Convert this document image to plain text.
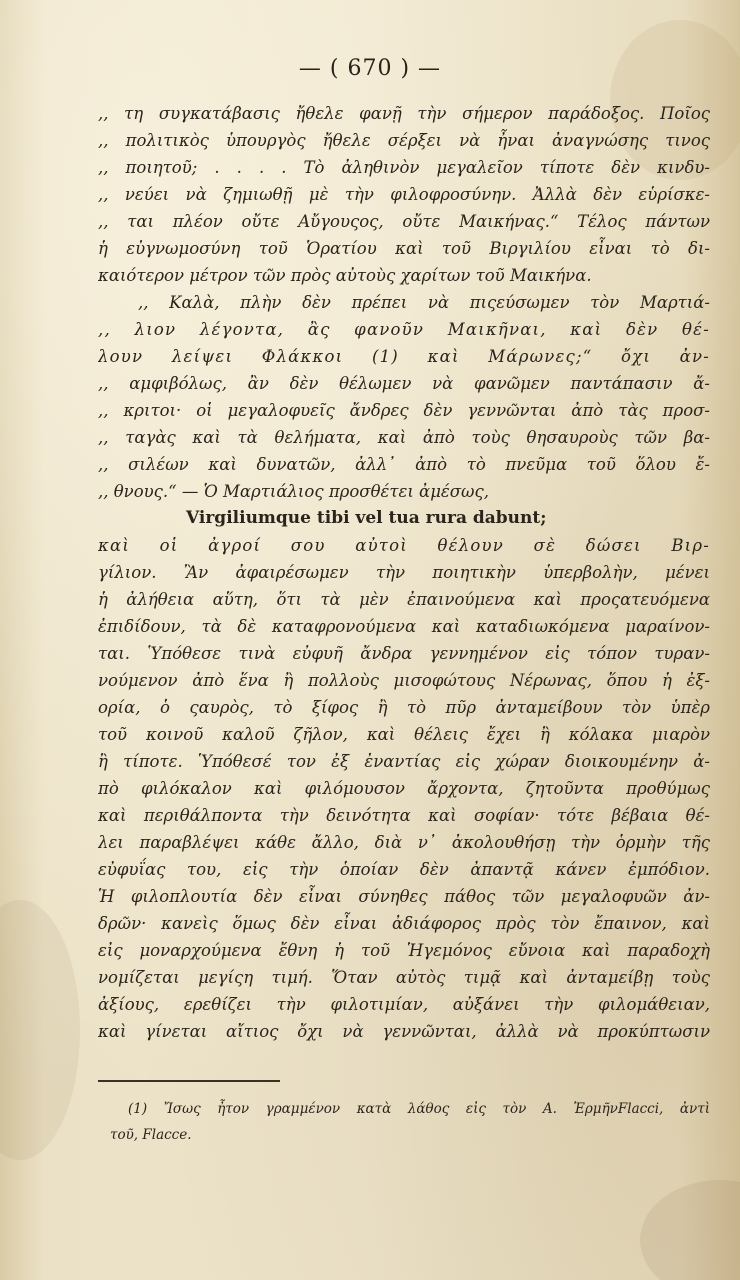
— ( 670 ) —
,, τη συγκατάβασις ἤθελε φανῇ τὴν σήμερον παράδοξος. Ποῖος
,, πολιτικὸς ὑπουργὸς ἤθελε σέρξει νὰ ἦναι ἀναγνώσης τινος
,, ποιητοῦ; . . . . Τὸ ἀληθινὸν μεγαλεῖον τίποτε δὲν κινδυ-
,, νεύει νὰ ζημιωθῇ μὲ τὴν φιλοφροσύνην. Ἀλλὰ δὲν εὑρίσκε-
,, ται πλέον οὔτε Αὔγουςος, οὔτε Μαικήνας.“ Τέλος πάντων
ἡ εὐγνωμοσύνη τοῦ Ὁρατίου καὶ τοῦ Βιργιλίου εἶναι τὸ δι-
καιότερον μέτρον τῶν πρὸς αὐτοὺς χαρίτων τοῦ Μαικήνα.
,, Καλὰ, πλὴν δὲν πρέπει νὰ πιςεύσωμεν τὸν Μαρτιά-
,, λιον λέγοντα, ἂς φανοῦν Μαικῆναι, καὶ δὲν θέ-
λουν λείψει Φλάκκοι (1) καὶ Μάρωνες;“ ὄχι ἀν-
,, αμφιβόλως, ἂν δὲν θέλωμεν νὰ φανῶμεν παντάπασιν ἄ-
,, κριτοι· οἱ μεγαλοφυεῖς ἄνδρες δὲν γεννῶνται ἀπὸ τὰς προσ-
,, ταγὰς καὶ τὰ θελήματα, καὶ ἀπὸ τοὺς θησαυροὺς τῶν βα-
,, σιλέων καὶ δυνατῶν, ἀλλ᾽ ἀπὸ τὸ πνεῦμα τοῦ ὅλου ἔ-
,, θνους.“ — Ὁ Μαρτιάλιος προσθέτει ἀμέσως,
Virgiliumque tibi vel tua rura dabunt;
καὶ οἱ ἀγροί σου αὐτοὶ θέλουν σὲ δώσει Βιρ-
γίλιον. Ἂν ἀφαιρέσωμεν τὴν ποιητικὴν ὑπερβολὴν, μένει
ἡ ἀλήθεια αὕτη, ὅτι τὰ μὲν ἐπαινούμενα καὶ προςατευόμενα
ἐπιδίδουν, τὰ δὲ καταφρονούμενα καὶ καταδιωκόμενα μαραίνον-
ται. Ὑπόθεσε τινὰ εὐφυῆ ἄνδρα γεννημένον εἰς τόπον τυραν-
νούμενον ἀπὸ ἕνα ἢ πολλοὺς μισοφώτους Νέρωνας, ὅπου ἡ ἐξ-
ορία, ὁ ςαυρὸς, τὸ ξίφος ἢ τὸ πῦρ ἀνταμείβουν τὸν ὑπὲρ
τοῦ κοινοῦ καλοῦ ζῆλον, καὶ θέλεις ἔχει ἢ κόλακα μιαρὸν
ἢ τίποτε. Ὑπόθεσέ τον ἐξ ἐναντίας εἰς χώραν διοικουμένην ἀ-
πὸ φιλόκαλον καὶ φιλόμουσον ἄρχοντα, ζητοῦντα προθύμως
καὶ περιθάλποντα τὴν δεινότητα καὶ σοφίαν· τότε βέβαια θέ-
λει παραβλέψει κάθε ἄλλο, διὰ ν᾽ ἀκολουθήσῃ τὴν ὁρμὴν τῆς
εὐφυΐας του, εἰς τὴν ὁποίαν δὲν ἀπαντᾷ κάνεν ἐμπόδιον.
Ἡ φιλοπλουτία δὲν εἶναι σύνηθες πάθος τῶν μεγαλοφυῶν ἀν-
δρῶν· κανεὶς ὅμως δὲν εἶναι ἀδιάφορος πρὸς τὸν ἔπαινον, καὶ
εἰς μοναρχούμενα ἔθνη ἡ τοῦ Ἡγεμόνος εὔνοια καὶ παραδοχὴ
νομίζεται μεγίςη τιμή. Ὅταν αὐτὸς τιμᾷ καὶ ἀνταμείβῃ τοὺς
ἀξίους, ερεθίζει τὴν φιλοτιμίαν, αὐξάνει τὴν φιλομάθειαν,
καὶ γίνεται αἴτιος ὄχι νὰ γεννῶνται, ἀλλὰ νὰ προκύπτωσιν
(1) Ἴσως ἦτον γραμμένον κατὰ λάθος εἰς τὸν Α. ἙρμῆνFlacci, ἀντὶ
τοῦ, Flacce.
